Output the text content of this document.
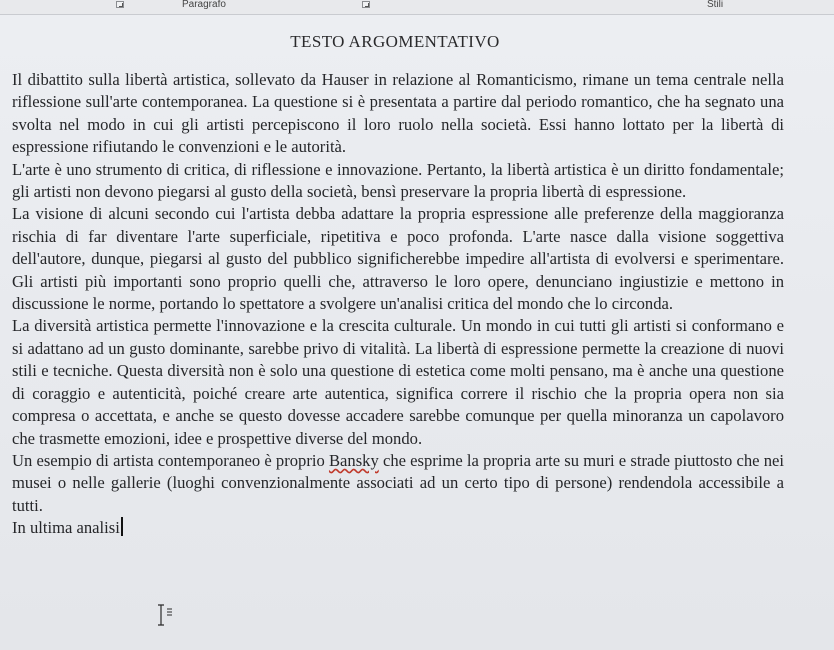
Paragrafo	Stili
TESTO ARGOMENTATIVO

Il dibattito sulla libertà artistica, sollevato da Hauser in relazione al Romanticismo, rimane un tema centrale nella riflessione sull'arte contemporanea. La questione si è presentata a partire dal periodo romantico, che ha segnato una svolta nel modo in cui gli artisti percepiscono il loro ruolo nella società. Essi hanno lottato per la libertà di espressione rifiutando le convenzioni e le autorità.

L'arte è uno strumento di critica, di riflessione e innovazione. Pertanto, la libertà artistica è un diritto fondamentale; gli artisti non devono piegarsi al gusto della società, bensì preservare la propria libertà di espressione.

La visione di alcuni secondo cui l'artista debba adattare la propria espressione alle preferenze della maggioranza rischia di far diventare l'arte superficiale, ripetitiva e poco profonda. L'arte nasce dalla visione soggettiva dell'autore, dunque, piegarsi al gusto del pubblico significherebbe impedire all'artista di evolversi e sperimentare. Gli artisti più importanti sono proprio quelli che, attraverso le loro opere, denunciano ingiustizie e mettono in discussione le norme, portando lo spettatore a svolgere un'analisi critica del mondo che lo circonda.

La diversità artistica permette l'innovazione e la crescita culturale. Un mondo in cui tutti gli artisti si conformano e si adattano ad un gusto dominante, sarebbe privo di vitalità. La libertà di espressione permette la creazione di nuovi stili e tecniche. Questa diversità non è solo una questione di estetica come molti pensano, ma è anche una questione di coraggio e autenticità, poiché creare arte autentica, significa correre il rischio che la propria opera non sia compresa o accettata, e anche se questo dovesse accadere sarebbe comunque per quella minoranza un capolavoro che trasmette emozioni, idee e prospettive diverse del mondo.

Un esempio di artista contemporaneo è proprio Bansky che esprime la propria arte su muri e strade piuttosto che nei musei o nelle gallerie (luoghi convenzionalmente associati ad un certo tipo di persone) rendendola accessibile a tutti.

In ultima analisi
